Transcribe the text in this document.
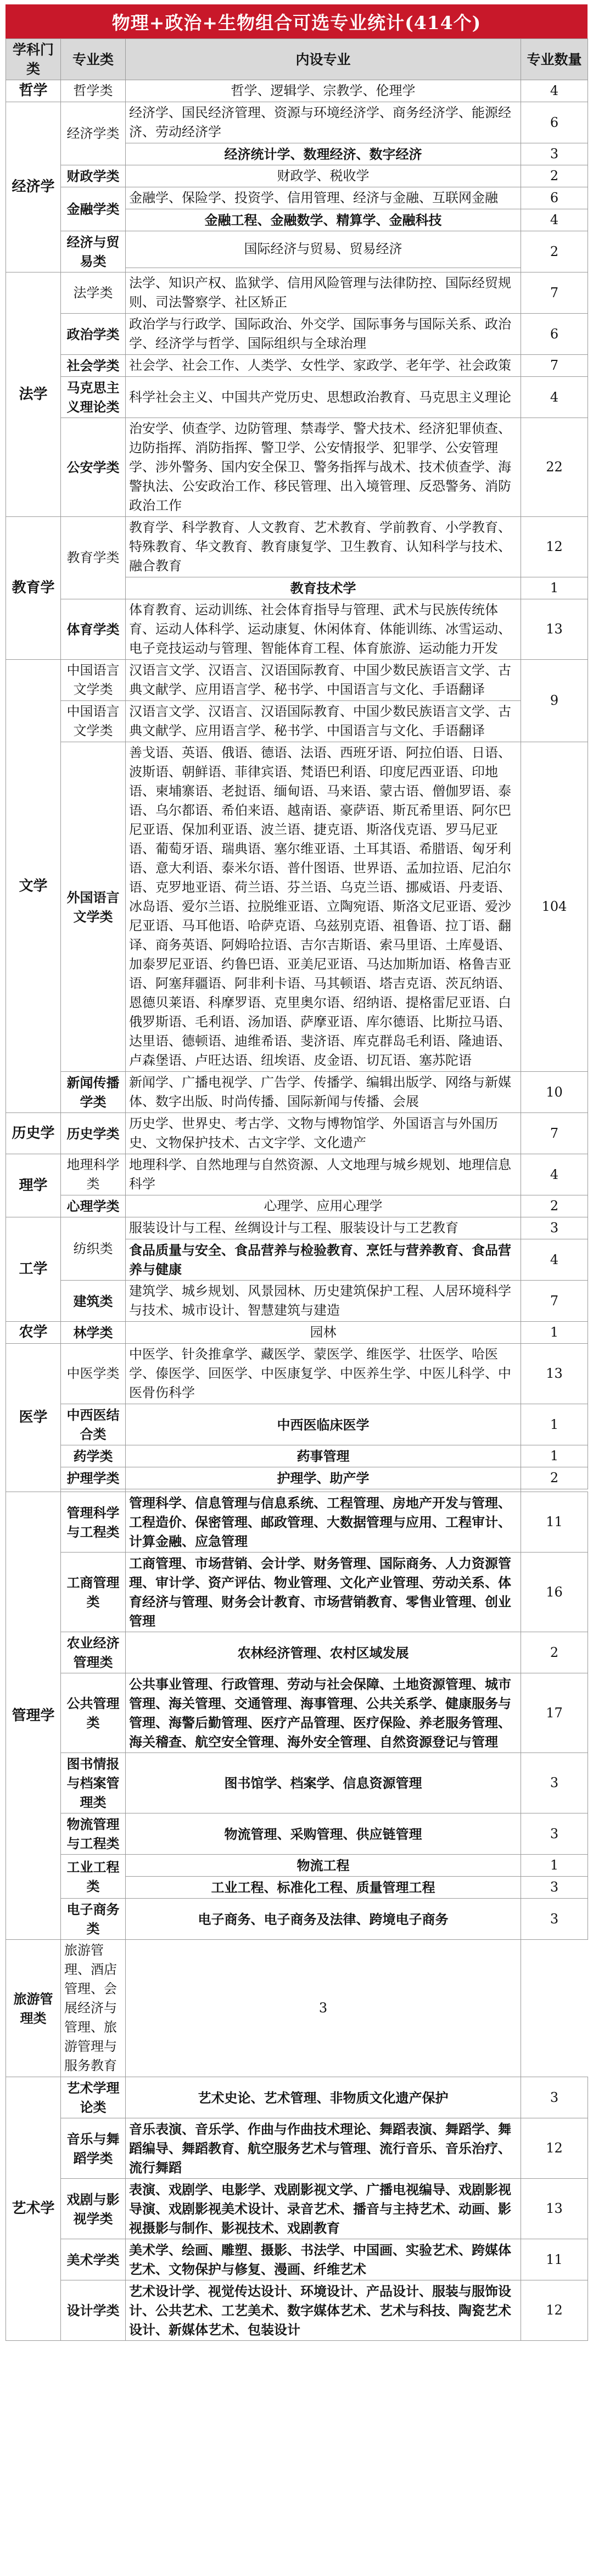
物理+政治+生物组合可选专业统计(414个)
学科门类	专业类	内设专业	专业数量
哲学	哲学类	哲学、逻辑学、宗教学、伦理学	4
经济学	经济学类	经济学、国民经济管理、资源与环境经济学、商务经济学、能源经济、劳动经济学	6
		经济统计学、数理经济、数字经济	3
	财政学类	财政学、税收学	2
	金融学类	金融学、保险学、投资学、信用管理、经济与金融、互联网金融	6
		金融工程、金融数学、精算学、金融科技	4
	经济与贸易类	国际经济与贸易、贸易经济	2

法学	法学类	法学、知识产权、监狱学、信用风险管理与法律防控、国际经贸规则、司法警察学、社区矫正	7
	政治学类	政治学与行政学、国际政治、外交学、国际事务与国际关系、政治学、经济学与哲学、国际组织与全球治理	6
	社会学类	社会学、社会工作、人类学、女性学、家政学、老年学、社会政策	7
	马克思主义理论类	科学社会主义、中国共产党历史、思想政治教育、马克思主义理论	4
	公安学类	治安学、侦查学、边防管理、禁毒学、警犬技术、经济犯罪侦查、边防指挥、消防指挥、警卫学、公安情报学、犯罪学、公安管理学、涉外警务、国内安全保卫、警务指挥与战术、技术侦查学、海警执法、公安政治工作、移民管理、出入境管理、反恐警务、消防政治工作	22
教育学	教育学类	教育学、科学教育、人文教育、艺术教育、学前教育、小学教育、特殊教育、华文教育、教育康复学、卫生教育、认知科学与技术、融合教育	12
		教育技术学	1
	体育学类	体育教育、运动训练、社会体育指导与管理、武术与民族传统体育、运动人体科学、运动康复、休闲体育、体能训练、冰雪运动、电子竞技运动与管理、智能体育工程、体育旅游、运动能力开发	13
文学	中国语言文学类	汉语言文学、汉语言、汉语国际教育、中国少数民族语言文学、古典文献学、应用语言学、秘书学、中国语言与文化、手语翻译	9
	中国语言文学类	汉语言文学、汉语言、汉语国际教育、中国少数民族语言文学、古典文献学、应用语言学、秘书学、中国语言与文化、手语翻译	
	外国语言文学类	善戈语、英语、俄语、德语、法语、西班牙语、阿拉伯语、日语、波斯语、朝鲜语、菲律宾语、梵语巴利语、印度尼西亚语、印地语、柬埔寨语、老挝语、缅甸语、马来语、蒙古语、僧伽罗语、泰语、乌尔都语、希伯来语、越南语、豪萨语、斯瓦希里语、阿尔巴尼亚语、保加利亚语、波兰语、捷克语、斯洛伐克语、罗马尼亚语、葡萄牙语、瑞典语、塞尔维亚语、土耳其语、希腊语、匈牙利语、意大利语、泰米尔语、普什图语、世界语、孟加拉语、尼泊尔语、克罗地亚语、荷兰语、芬兰语、乌克兰语、挪威语、丹麦语、冰岛语、爱尔兰语、拉脱维亚语、立陶宛语、斯洛文尼亚语、爱沙尼亚语、马耳他语、哈萨克语、乌兹别克语、祖鲁语、拉丁语、翻译、商务英语、阿姆哈拉语、吉尔吉斯语、索马里语、土库曼语、加泰罗尼亚语、约鲁巴语、亚美尼亚语、马达加斯加语、格鲁吉亚语、阿塞拜疆语、阿非利卡语、马其顿语、塔吉克语、茨瓦纳语、恩德贝莱语、科摩罗语、克里奥尔语、绍纳语、提格雷尼亚语、白俄罗斯语、毛利语、汤加语、萨摩亚语、库尔德语、比斯拉马语、达里语、德顿语、迪维希语、斐济语、库克群岛毛利语、隆迪语、卢森堡语、卢旺达语、纽埃语、皮金语、切瓦语、塞苏陀语	104
	新闻传播学类	新闻学、广播电视学、广告学、传播学、编辑出版学、网络与新媒体、数字出版、时尚传播、国际新闻与传播、会展	10
历史学	历史学类	历史学、世界史、考古学、文物与博物馆学、外国语言与外国历史、文物保护技术、古文字学、文化遗产	7
理学	地理科学类	地理科学、自然地理与自然资源、人文地理与城乡规划、地理信息科学	4
	心理学类	心理学、应用心理学	2
工学	纺织类	服装设计与工程、丝绸设计与工程、服装设计与工艺教育	3
		食品质量与安全、食品营养与检验教育、烹饪与营养教育、食品营养与健康	4
	建筑类	建筑学、城乡规划、风景园林、历史建筑保护工程、人居环境科学与技术、城市设计、智慧建筑与建造	7
农学	林学类	园林	1
医学	中医学类	中医学、针灸推拿学、藏医学、蒙医学、维医学、壮医学、哈医学、傣医学、回医学、中医康复学、中医养生学、中医儿科学、中医骨伤科学	13
	中西医结合类	中西医临床医学	1
	药学类	药事管理	1
	护理学类	护理学、助产学	2

管理学	管理科学与工程类	管理科学、信息管理与信息系统、工程管理、房地产开发与管理、工程造价、保密管理、邮政管理、大数据管理与应用、工程审计、计算金融、应急管理	11
	工商管理类	工商管理、市场营销、会计学、财务管理、国际商务、人力资源管理、审计学、资产评估、物业管理、文化产业管理、劳动关系、体育经济与管理、财务会计教育、市场营销教育、零售业管理、创业管理	16
	农业经济管理类	农林经济管理、农村区域发展	2
	公共管理类	公共事业管理、行政管理、劳动与社会保障、土地资源管理、城市管理、海关管理、交通管理、海事管理、公共关系学、健康服务与管理、海警后勤管理、医疗产品管理、医疗保险、养老服务管理、海关稽查、航空安全管理、海外安全管理、自然资源登记与管理	17
	图书情报与档案管理类	图书馆学、档案学、信息资源管理	3
	物流管理与工程类	物流管理、采购管理、供应链管理	3
	工业工程类	物流工程	1
		工业工程、标准化工程、质量管理工程	3
	电子商务类	电子商务、电子商务及法律、跨境电子商务	3
旅游管理类	旅游管理、酒店管理、会展经济与管理、旅游管理与服务教育	3	
艺术学	艺术学理论类	艺术史论、艺术管理、非物质文化遗产保护	3
	音乐与舞蹈学类	音乐表演、音乐学、作曲与作曲技术理论、舞蹈表演、舞蹈学、舞蹈编导、舞蹈教育、航空服务艺术与管理、流行音乐、音乐治疗、流行舞蹈	12
	戏剧与影视学类	表演、戏剧学、电影学、戏剧影视文学、广播电视编导、戏剧影视导演、戏剧影视美术设计、录音艺术、播音与主持艺术、动画、影视摄影与制作、影视技术、戏剧教育	13
	美术学类	美术学、绘画、雕塑、摄影、书法学、中国画、实验艺术、跨媒体艺术、文物保护与修复、漫画、纤维艺术	11
	设计学类	艺术设计学、视觉传达设计、环境设计、产品设计、服装与服饰设计、公共艺术、工艺美术、数字媒体艺术、艺术与科技、陶瓷艺术设计、新媒体艺术、包装设计	12
